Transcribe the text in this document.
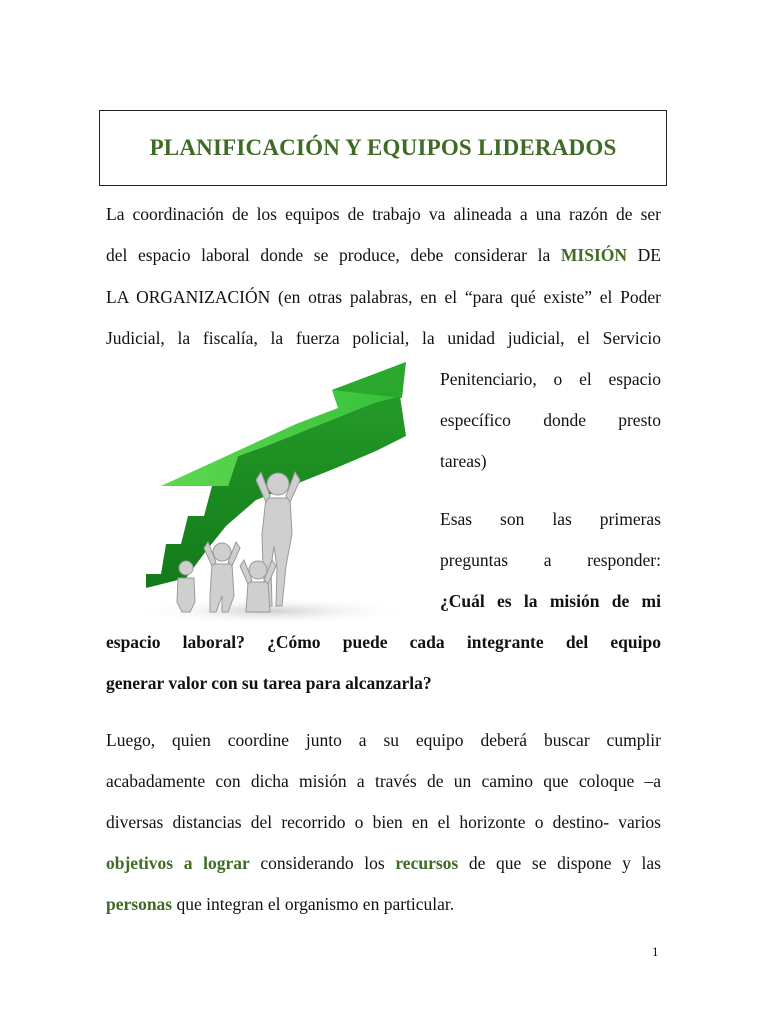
PLANIFICACIÓN Y EQUIPOS LIDERADOS
La coordinación de los equipos de trabajo va alineada a una razón de ser
del espacio laboral donde se produce, debe considerar la MISIÓN DE
LA ORGANIZACIÓN (en otras palabras, en el “para qué existe” el Poder
Judicial, la fiscalía, la fuerza policial, la unidad judicial, el Servicio
Penitenciario, o el espacio
específico donde presto
tareas)
Esas son las primeras
preguntas a responder:
¿Cuál es la misión de mi
espacio laboral? ¿Cómo puede cada integrante del equipo
generar valor con su tarea para alcanzarla?
Luego, quien coordine junto a su equipo deberá buscar cumplir
acabadamente con dicha misión a través de un camino que coloque –a
diversas distancias del recorrido o bien en el horizonte o destino- varios
objetivos a lograr considerando los recursos de que se dispone y las
personas que integran el organismo en particular.
1
